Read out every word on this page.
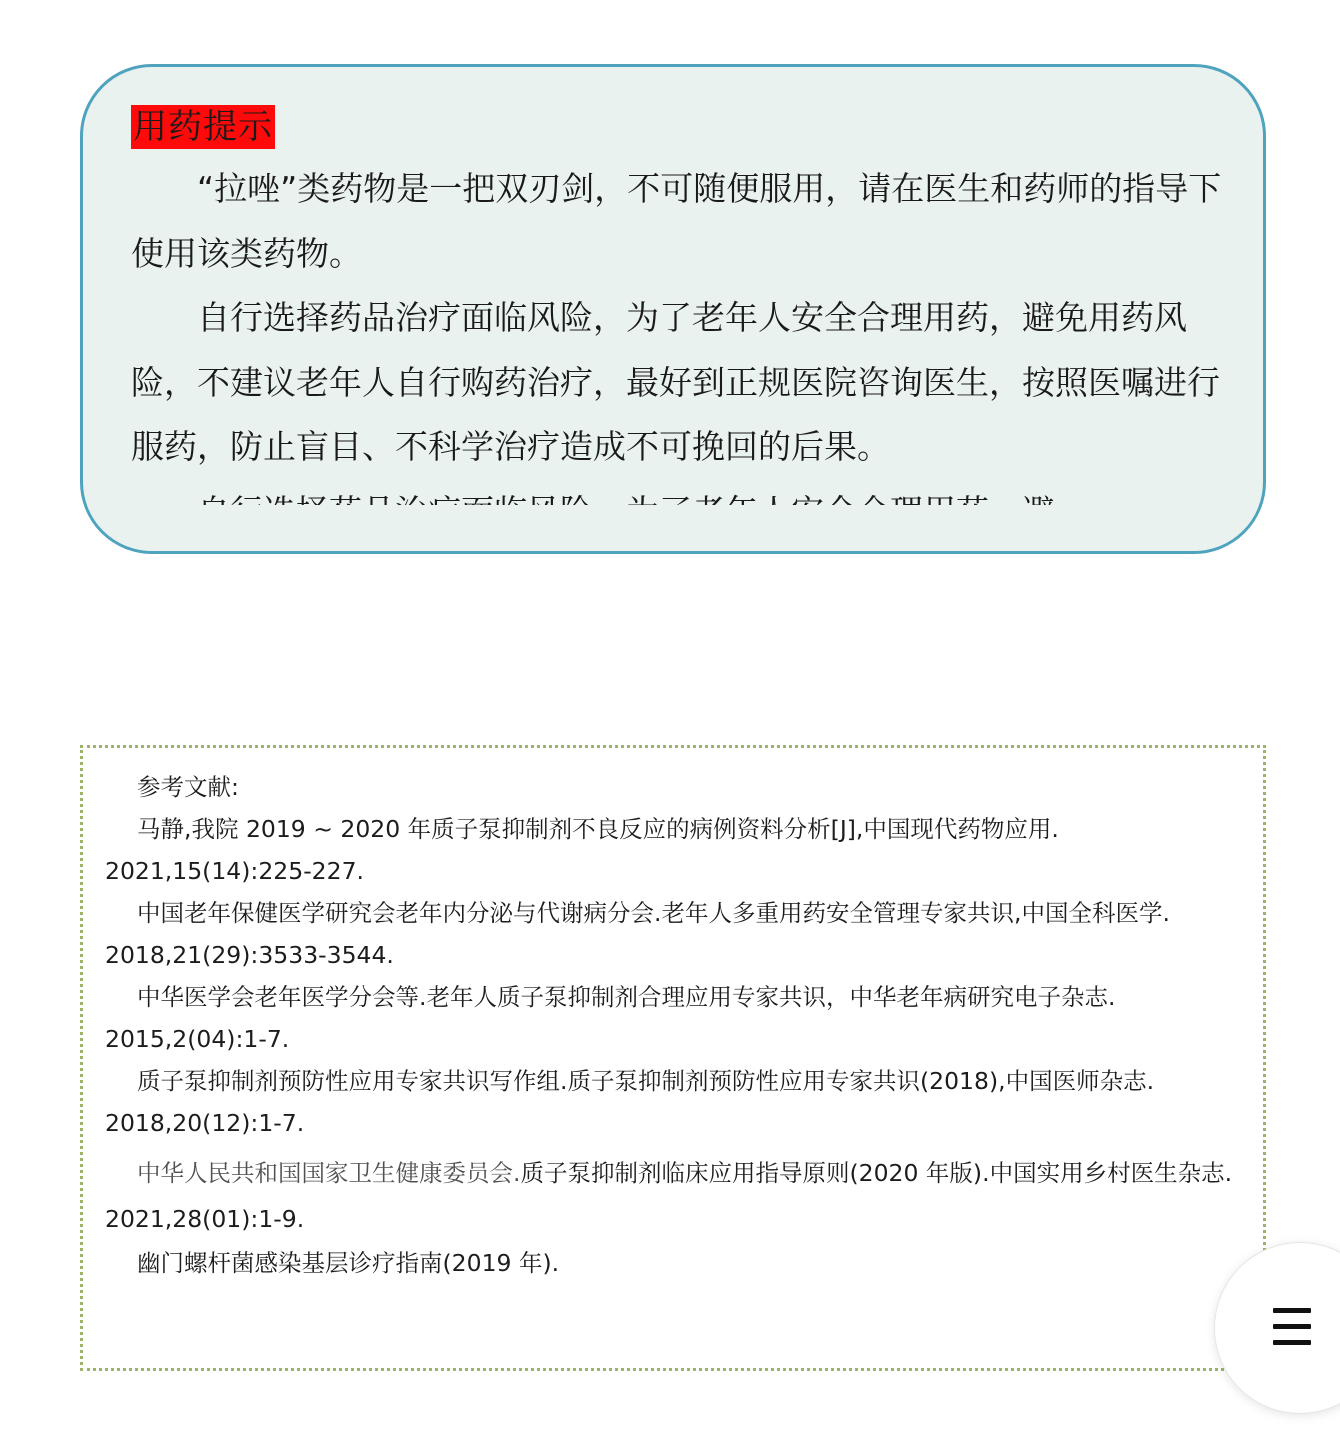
用药提示

“拉唑”类药物是一把双刃剑，不可随便服用，请在医生和药师的指导下使用该类药物。

自行选择药品治疗面临风险，为了老年人安全合理用药，避免用药风险，不建议老年人自行购药治疗，最好到正规医院咨询医生，按照医嘱进行服药，防止盲目、不科学治疗造成不可挽回的后果。

参考文献:

马静,我院 2019 ~ 2020 年质子泵抑制剂不良反应的病例资料分析[J],中国现代药物应用. 2021,15(14):225-227.

中国老年保健医学研究会老年内分泌与代谢病分会.老年人多重用药安全管理专家共识,中国全科医学. 2018,21(29):3533-3544.

中华医学会老年医学分会等.老年人质子泵抑制剂合理应用专家共识，中华老年病研究电子杂志. 2015,2(04):1-7.

质子泵抑制剂预防性应用专家共识写作组.质子泵抑制剂预防性应用专家共识(2018),中国医师杂志. 2018,20(12):1-7.

中华人民共和国国家卫生健康委员会.质子泵抑制剂临床应用指导原则(2020 年版).中国实用乡村医生杂志. 2021,28(01):1-9.

幽门螺杆菌感染基层诊疗指南(2019 年).
